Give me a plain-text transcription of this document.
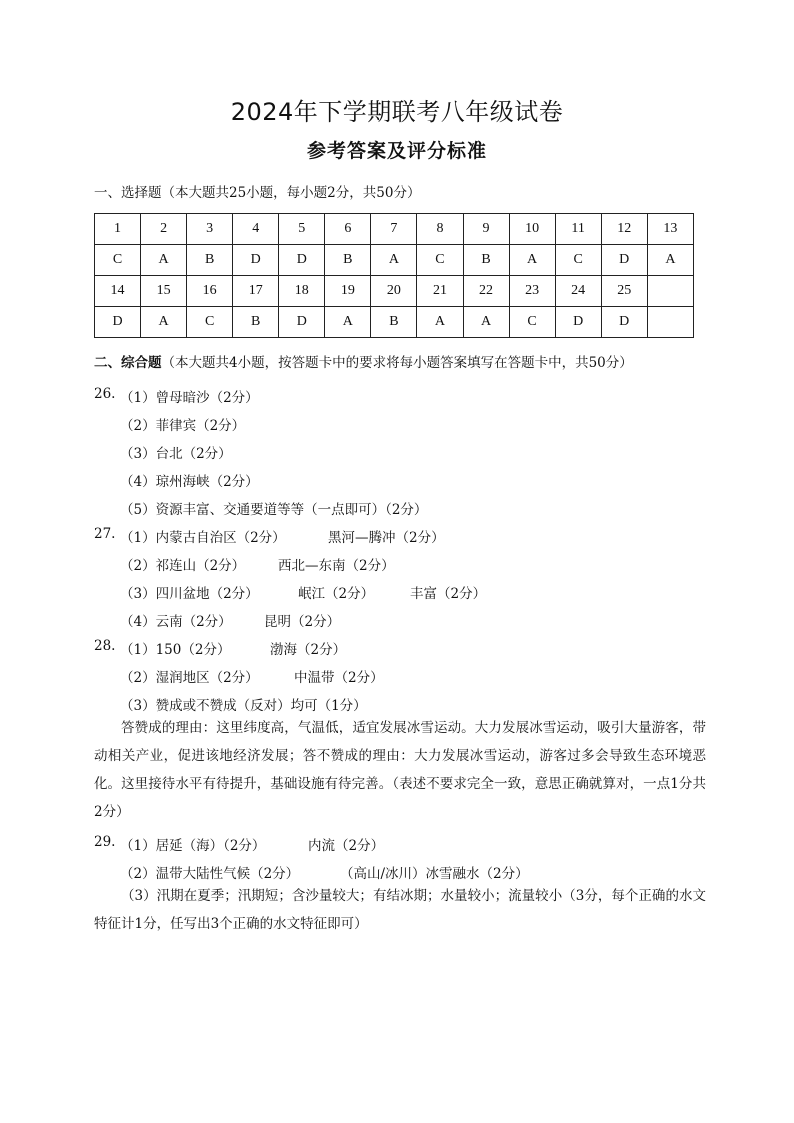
2024年下学期联考八年级试卷
参考答案及评分标准
一、选择题（本大题共25小题，每小题2分，共50分）
1	2	3	4	5	6	7	8	9	10	11	12	13
C	A	B	D	D	B	A	C	B	A	C	D	A
14	15	16	17	18	19	20	21	22	23	24	25	
D	A	C	B	D	A	B	A	A	C	D	D	
二、综合题（本大题共4小题，按答题卡中的要求将每小题答案填写在答题卡中，共50分）
26. （1）曾母暗沙（2分）
（2）菲律宾（2分）
（3）台北（2分）
（4）琼州海峡（2分）
（5）资源丰富、交通要道等等（一点即可）（2分）
27. （1）内蒙古自治区（2分）	黑河—腾冲（2分）
（2）祁连山（2分） 西北—东南（2分）
（3）四川盆地（2分）	岷江（2分）	丰富（2分）
（4）云南（2分） 昆明（2分）
28. （1）150（2分）	渤海（2分）
（2）湿润地区（2分）	中温带（2分）
（3）赞成或不赞成（反对）均可（1分）
答赞成的理由：这里纬度高，气温低，适宜发展冰雪运动。大力发展冰雪运动，吸引大量游客，带动相关产业，促进该地经济发展；答不赞成的理由：大力发展冰雪运动，游客过多会导致生态环境恶化。这里接待水平有待提升，基础设施有待完善。（表述不要求完全一致，意思正确就算对，一点1分共2分）
29. （1）居延（海）（2分）	内流（2分）
（2）温带大陆性气候（2分）	（高山/冰川）冰雪融水（2分）
（3）汛期在夏季；汛期短；含沙量较大；有结冰期；水量较小；流量较小（3分，每个正确的水文特征计1分，任写出3个正确的水文特征即可）
